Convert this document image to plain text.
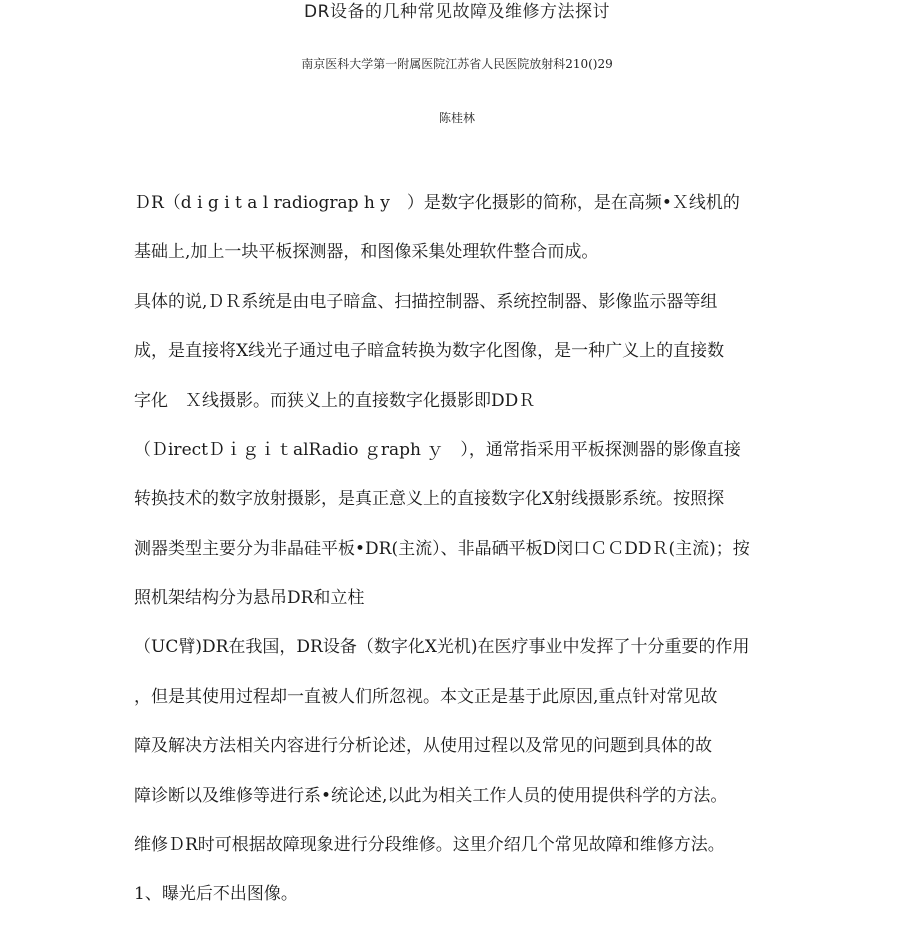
DR设备的几种常见故障及维修方法探讨
南京医科大学第一附属医院江苏省人民医院放射科210()29
陈桂林
ＤR（d i g i t a l radiograp h y　）是数字化摄影的简称，是在高频•Ｘ线机的
基础上,加上一块平板探测器，和图像采集处理软件整合而成。
具体的说,ＤＲ系统是由电子暗盒、扫描控制器、系统控制器、影像监示器等组
成，是直接将X线光子通过电子暗盒转换为数字化图像，是一种广义上的直接数
字化　Ｘ线摄影。而狭义上的直接数字化摄影即DDＲ
（ＤirectＤｉｇｉｔalRadio ｇraph ｙ　），通常指采用平板探测器的影像直接
转换技术的数字放射摄影，是真正意义上的直接数字化X射线摄影系统。按照探
测器类型主要分为非晶硅平板•DR(主流）、非晶硒平板D闵口ＣＣDDＲ(主流)；按
照机架结构分为悬吊DR和立柱
（UC臂)DR在我国，DR设备（数字化X光机)在医疗事业中发挥了十分重要的作用
，但是其使用过程却一直被人们所忽视。本文正是基于此原因,重点针对常见故
障及解决方法相关内容进行分析论述，从使用过程以及常见的问题到具体的故
障诊断以及维修等进行系•统论述,以此为相关工作人员的使用提供科学的方法。
维修ＤR时可根据故障现象进行分段维修。这里介绍几个常见故障和维修方法。
1、曝光后不出图像。
